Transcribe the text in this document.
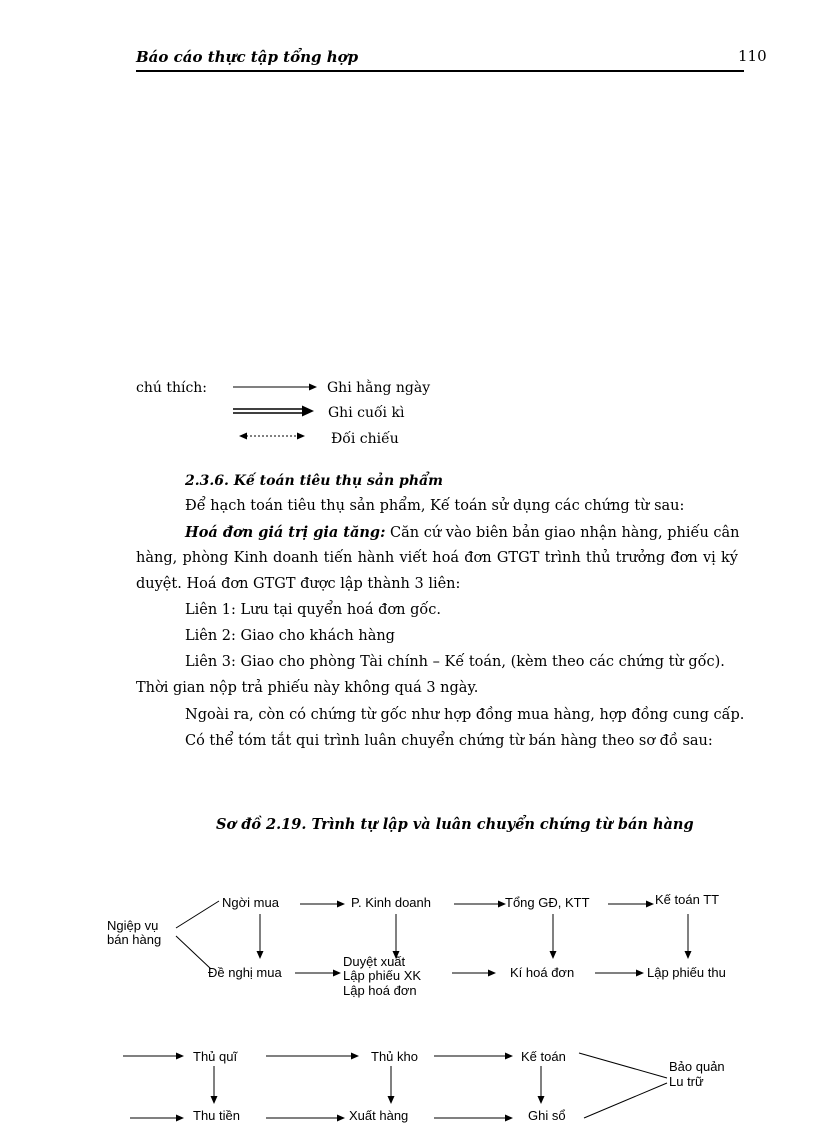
Báo cáo thực tập tổng hợp	110
chú thích:	Ghi hằng ngày
Ghi cuối kì
Đối chiếu
2.3.6. Kế toán tiêu thụ sản phẩm
Để hạch toán tiêu thụ sản phẩm, Kế toán sử dụng các chứng từ sau:
Hoá đơn giá trị gia tăng: Căn cứ vào biên bản giao nhận hàng, phiếu cân
hàng, phòng Kinh doanh tiến hành viết hoá đơn GTGT trình thủ trưởng đơn vị ký
duyệt. Hoá đơn GTGT được lập thành 3 liên:
Liên 1: Lưu tại quyển hoá đơn gốc.
Liên 2: Giao cho khách hàng
Liên 3: Giao cho phòng Tài chính – Kế toán, (kèm theo các chứng từ gốc).
Thời gian nộp trả phiếu này không quá 3 ngày.
Ngoài ra, còn có chứng từ gốc như hợp đồng mua hàng, hợp đồng cung cấp.
Có thể tóm tắt qui trình luân chuyển chứng từ bán hàng theo sơ đồ sau:
Sơ đồ 2.19. Trình tự lập và luân chuyển chứng từ bán hàng
Ngiệp vụ
bán hàng
Ngời mua	P. Kinh doanh	Tổng GĐ, KTT	Kế toán TT
Đề nghị mua
Duyệt xuất
Lập phiếu XK
Lập hoá đơn
Kí hoá đơn	Lập phiếu thu
Thủ quĩ	Thủ kho	Kế toán
Bảo quản
Lu trữ
Thu tiền	Xuất hàng	Ghi sổ
